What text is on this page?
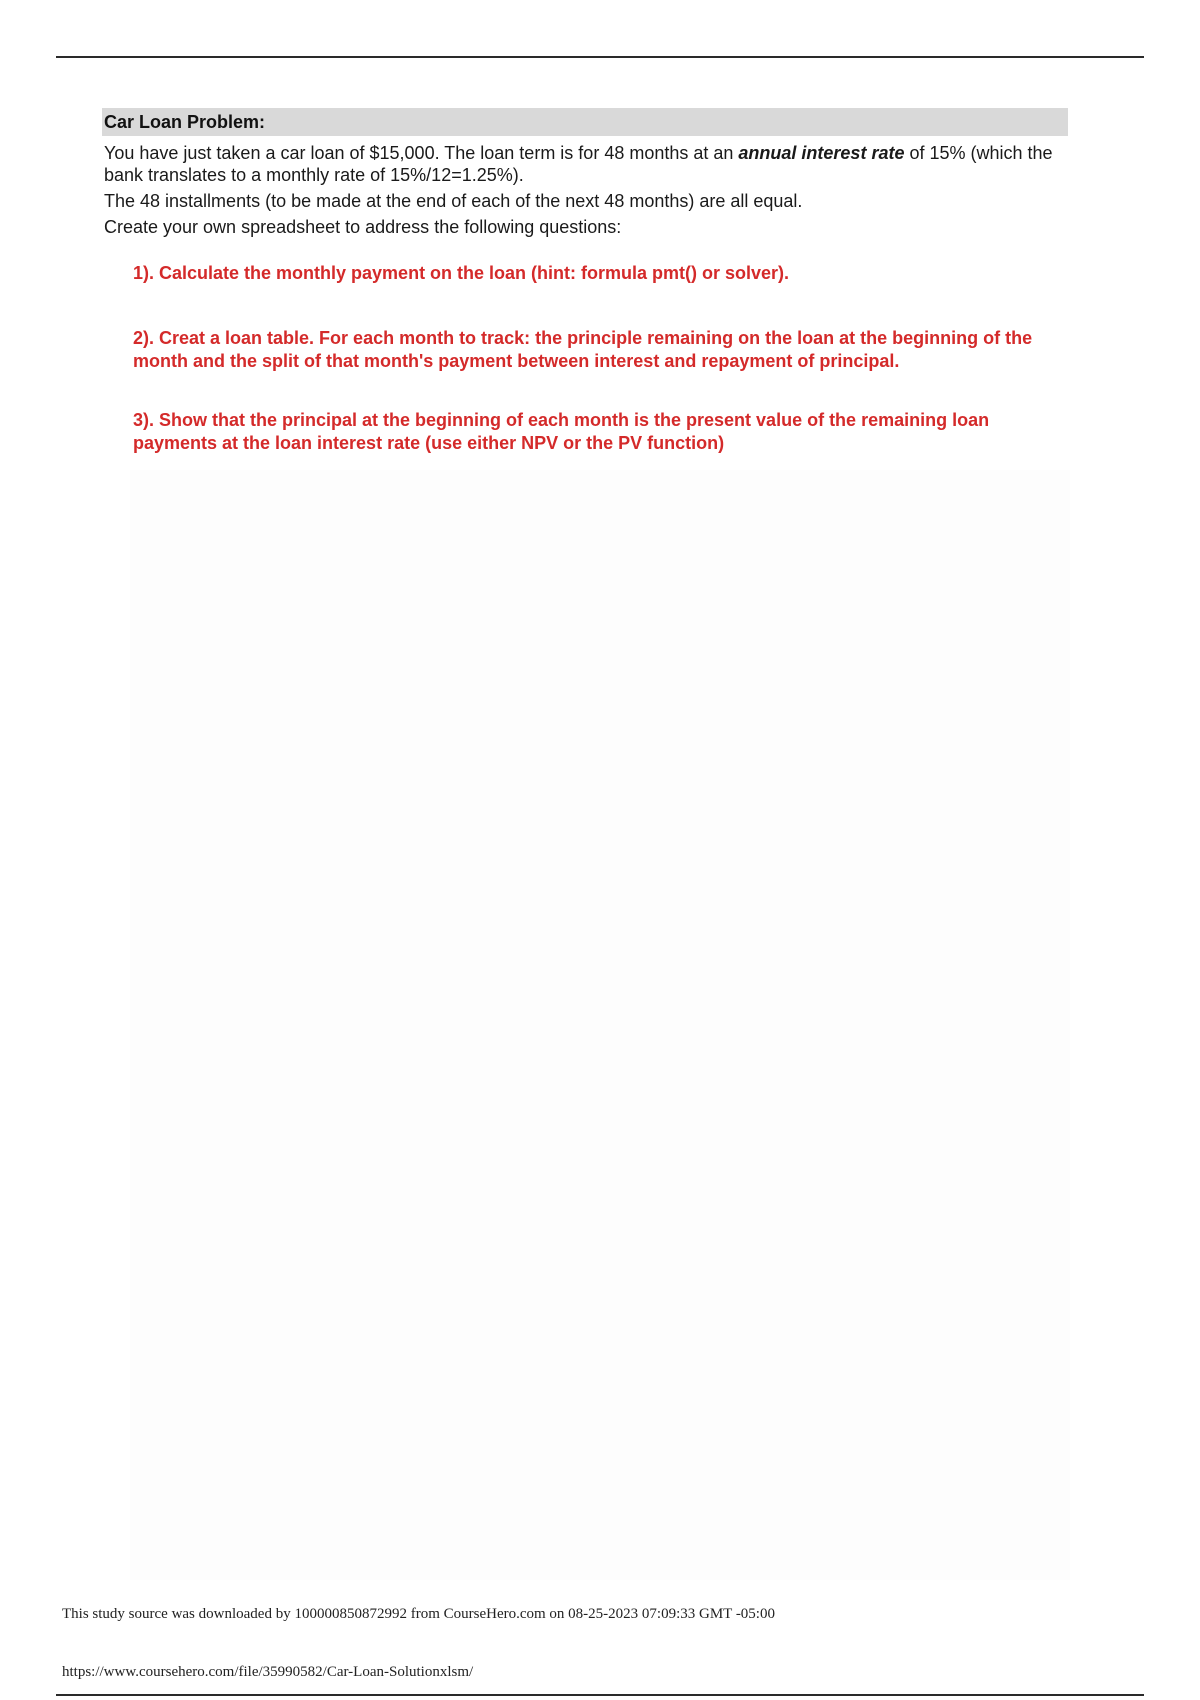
Car Loan Problem:
You have just taken a car loan of $15,000. The loan term is for 48 months at an annual interest rate of 15% (which the bank translates to a monthly rate of 15%/12=1.25%).
The 48 installments (to be made at the end of each of the next 48 months) are all equal.
Create your own spreadsheet to address the following questions:
1). Calculate the monthly payment on the loan (hint: formula pmt() or solver).
2). Creat a loan table. For each month to track: the principle remaining on the loan at the beginning of the month and the split of that month's payment between interest and repayment of principal.
3). Show that the principal at the beginning of each month is the present value of the remaining loan payments at the loan interest rate (use either NPV or the PV function)
This study source was downloaded by 100000850872992 from CourseHero.com on 08-25-2023 07:09:33 GMT -05:00
https://www.coursehero.com/file/35990582/Car-Loan-Solutionxlsm/
